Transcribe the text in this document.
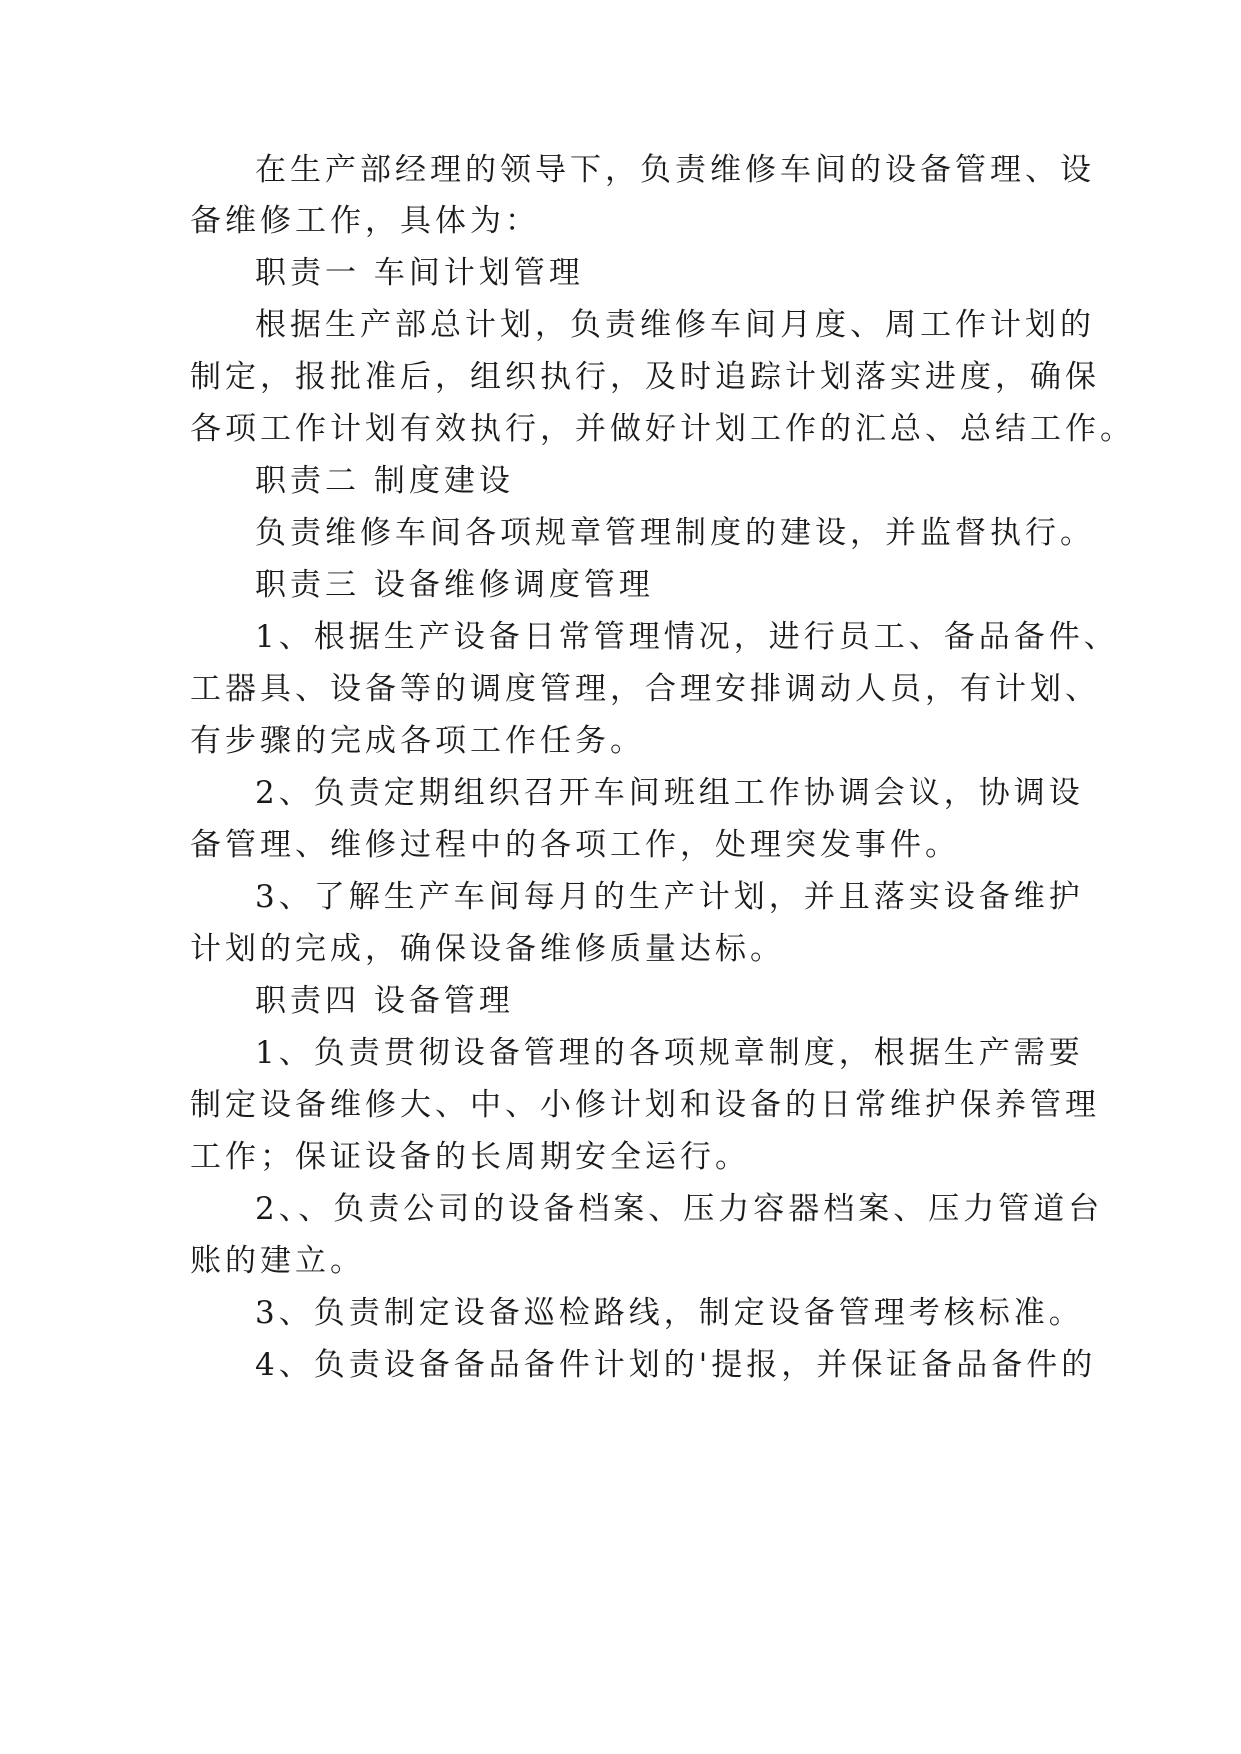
在生产部经理的领导下，负责维修车间的设备管理、设
备维修工作，具体为：
职责一 车间计划管理
根据生产部总计划，负责维修车间月度、周工作计划的
制定，报批准后，组织执行，及时追踪计划落实进度，确保
各项工作计划有效执行，并做好计划工作的汇总、总结工作。
职责二 制度建设
负责维修车间各项规章管理制度的建设，并监督执行。
职责三 设备维修调度管理
1、根据生产设备日常管理情况，进行员工、备品备件、
工器具、设备等的调度管理，合理安排调动人员，有计划、
有步骤的完成各项工作任务。
2、负责定期组织召开车间班组工作协调会议，协调设
备管理、维修过程中的各项工作，处理突发事件。
3、了解生产车间每月的生产计划，并且落实设备维护
计划的完成，确保设备维修质量达标。
职责四 设备管理
1、负责贯彻设备管理的各项规章制度，根据生产需要
制定设备维修大、中、小修计划和设备的日常维护保养管理
工作；保证设备的长周期安全运行。
2、、负责公司的设备档案、压力容器档案、压力管道台
账的建立。
3、负责制定设备巡检路线，制定设备管理考核标准。
4、负责设备备品备件计划的'提报，并保证备品备件的
